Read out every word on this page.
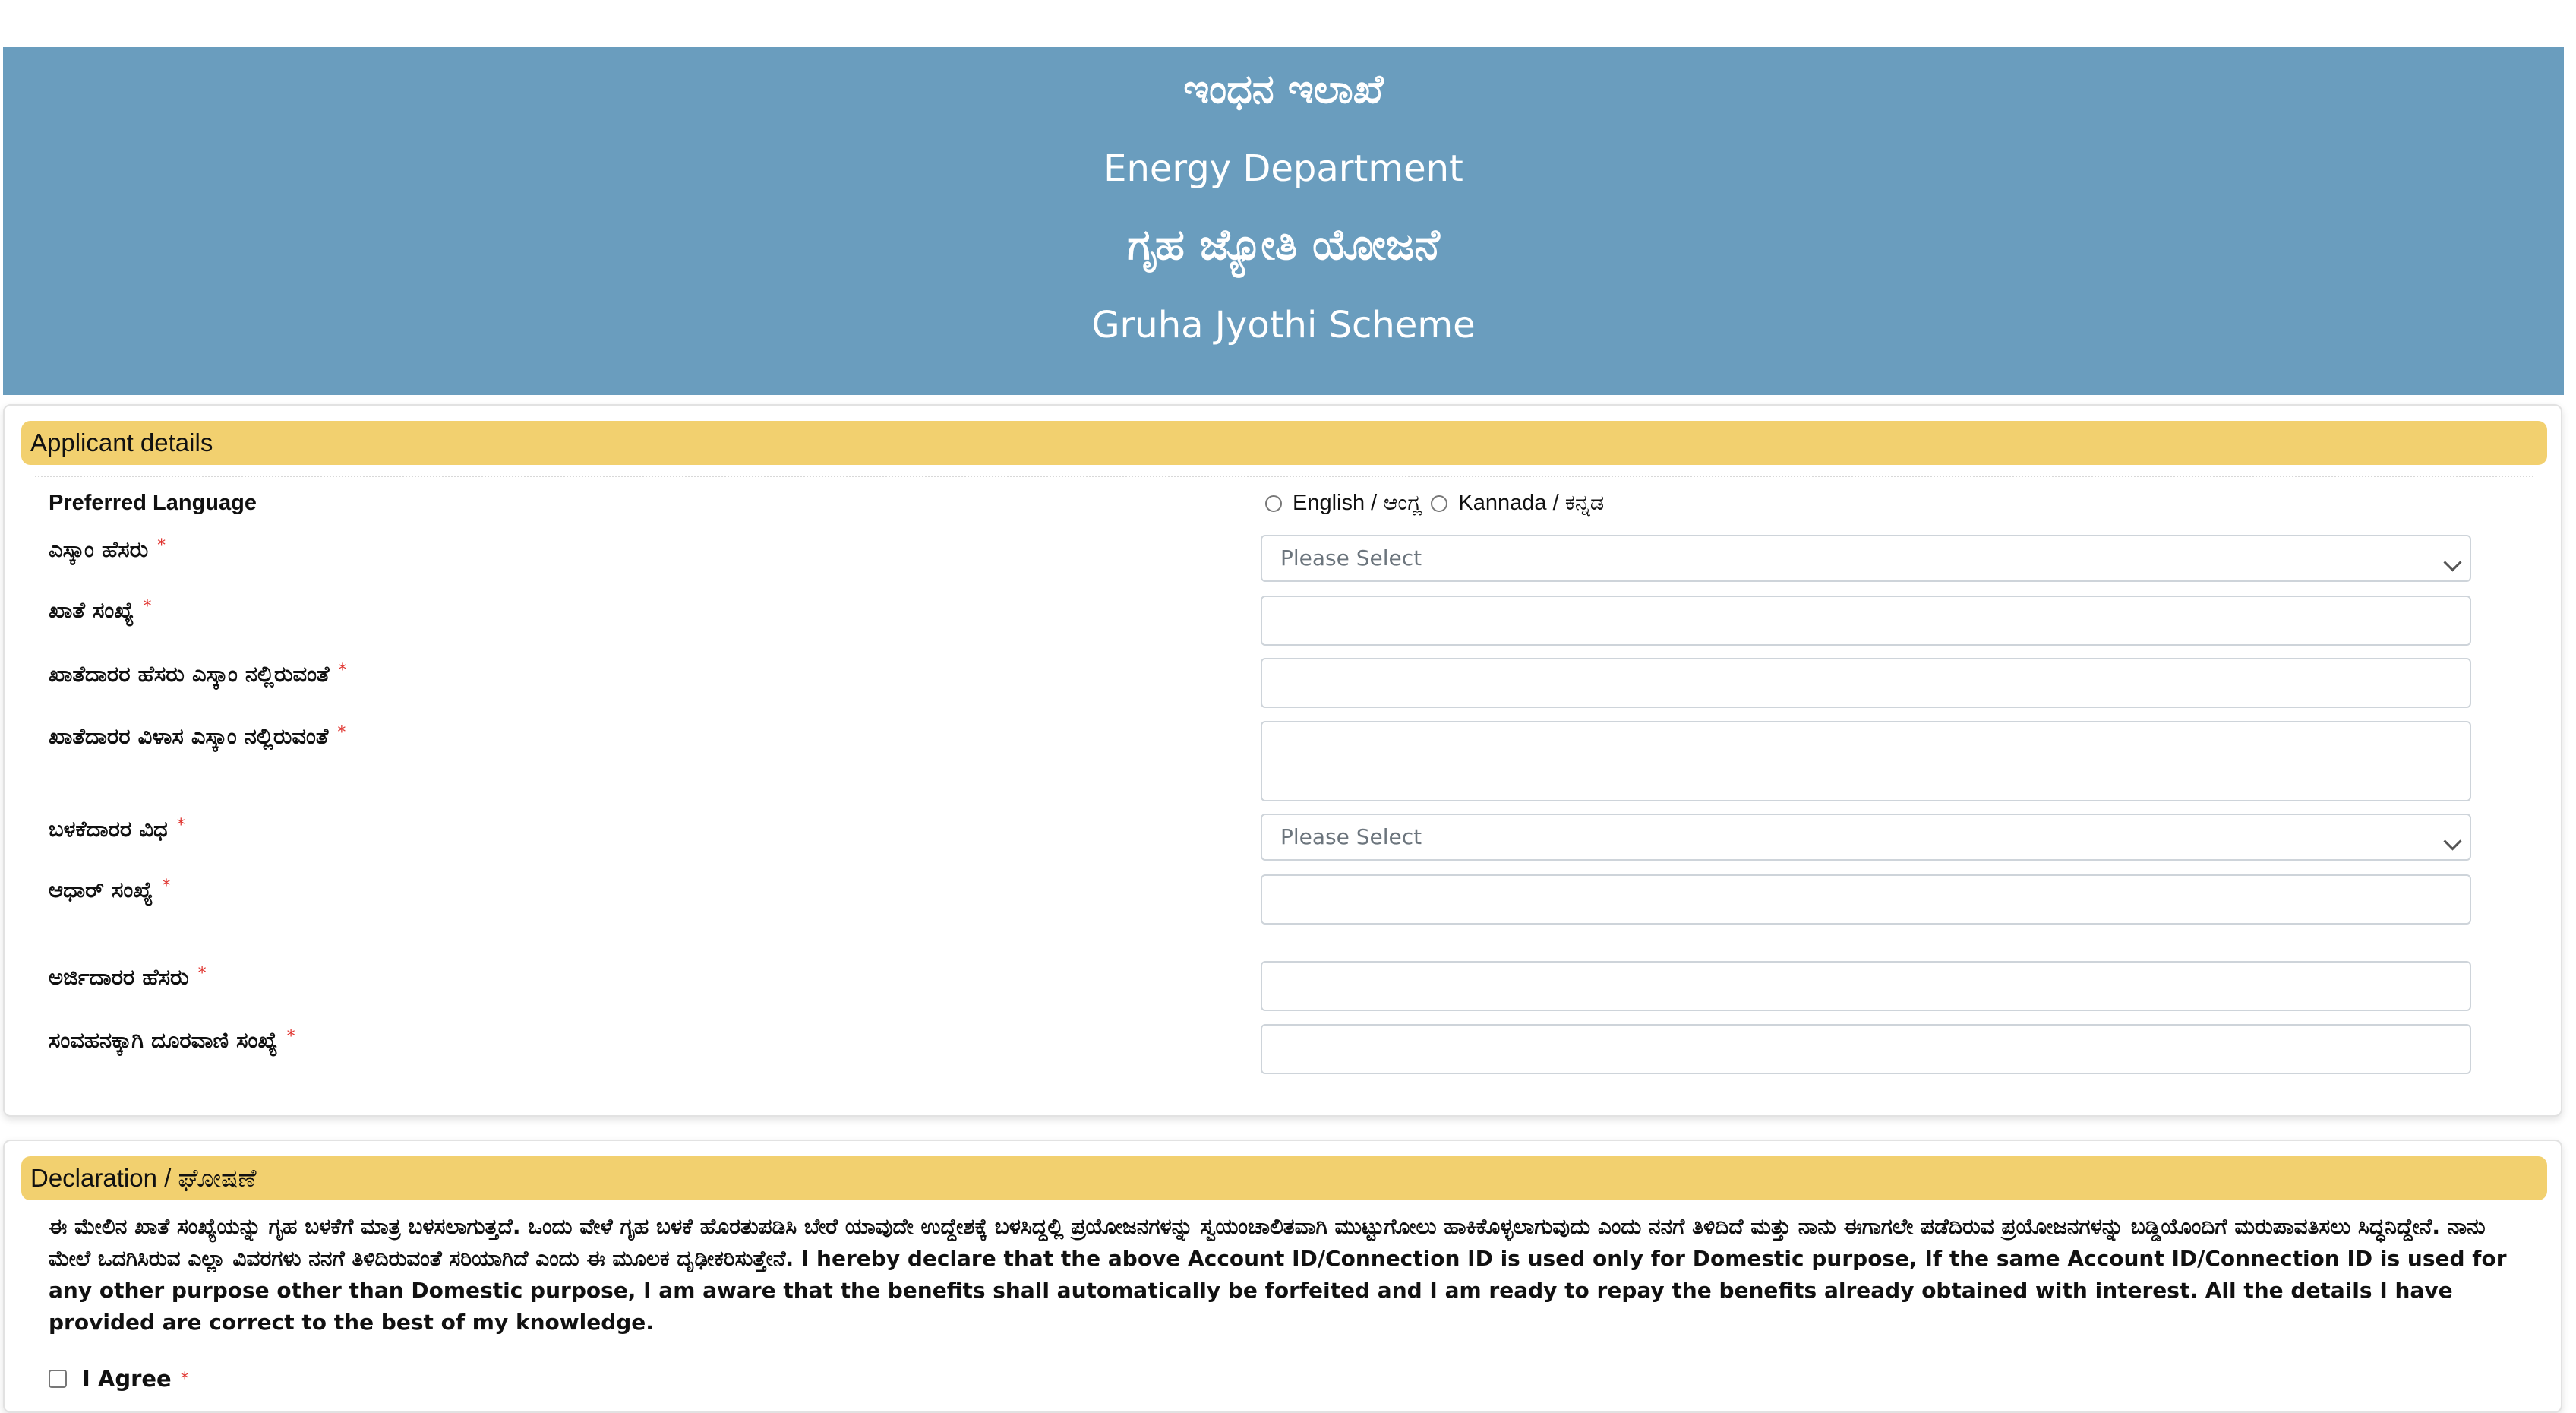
ಇಂಧನ ಇಲಾಖೆ
Energy Department
ಗೃಹ ಜ್ಯೋತಿ ಯೋಜನೆ
Gruha Jyothi Scheme
Applicant details
Preferred Language	English / ಆಂಗ್ಲ Kannada / ಕನ್ನಡ
ಎಸ್ಕಾಂ ಹೆಸರು *	Please Select
ಖಾತೆ ಸಂಖ್ಯೆ *
ಖಾತೆದಾರರ ಹೆಸರು ಎಸ್ಕಾಂ ನಲ್ಲಿರುವಂತೆ *
ಖಾತೆದಾರರ ವಿಳಾಸ ಎಸ್ಕಾಂ ನಲ್ಲಿರುವಂತೆ *
ಬಳಕೆದಾರರ ವಿಧ *	Please Select
ಆಧಾರ್ ಸಂಖ್ಯೆ *
ಅರ್ಜಿದಾರರ ಹೆಸರು *
ಸಂವಹನಕ್ಕಾಗಿ ದೂರವಾಣಿ ಸಂಖ್ಯೆ *
Declaration / ಘೋಷಣೆ
ಈ ಮೇಲಿನ ಖಾತೆ ಸಂಖ್ಯೆಯನ್ನು ಗೃಹ ಬಳಕೆಗೆ ಮಾತ್ರ ಬಳಸಲಾಗುತ್ತದೆ. ಒಂದು ವೇಳೆ ಗೃಹ ಬಳಕೆ ಹೊರತುಪಡಿಸಿ ಬೇರೆ ಯಾವುದೇ ಉದ್ದೇಶಕ್ಕೆ ಬಳಸಿದ್ದಲ್ಲಿ ಪ್ರಯೋಜನಗಳನ್ನು ಸ್ವಯಂಚಾಲಿತವಾಗಿ ಮುಟ್ಟುಗೋಲು ಹಾಕಿಕೊಳ್ಳಲಾಗುವುದು ಎಂದು ನನಗೆ ತಿಳಿದಿದೆ ಮತ್ತು ನಾನು ಈಗಾಗಲೇ ಪಡೆದಿರುವ ಪ್ರಯೋಜನಗಳನ್ನು ಬಡ್ಡಿಯೊಂದಿಗೆ ಮರುಪಾವತಿಸಲು ಸಿದ್ಧನಿದ್ದೇನೆ. ನಾನು ಮೇಲೆ ಒದಗಿಸಿರುವ ಎಲ್ಲಾ ವಿವರಗಳು ನನಗೆ ತಿಳಿದಿರುವಂತೆ ಸರಿಯಾಗಿದೆ ಎಂದು ಈ ಮೂಲಕ ದೃಢೀಕರಿಸುತ್ತೇನೆ. I hereby declare that the above Account ID/Connection ID is used only for Domestic purpose, If the same Account ID/Connection ID is used for any other purpose other than Domestic purpose, I am aware that the benefits shall automatically be forfeited and I am ready to repay the benefits already obtained with interest. All the details I have provided are correct to the best of my knowledge.
I Agree *
